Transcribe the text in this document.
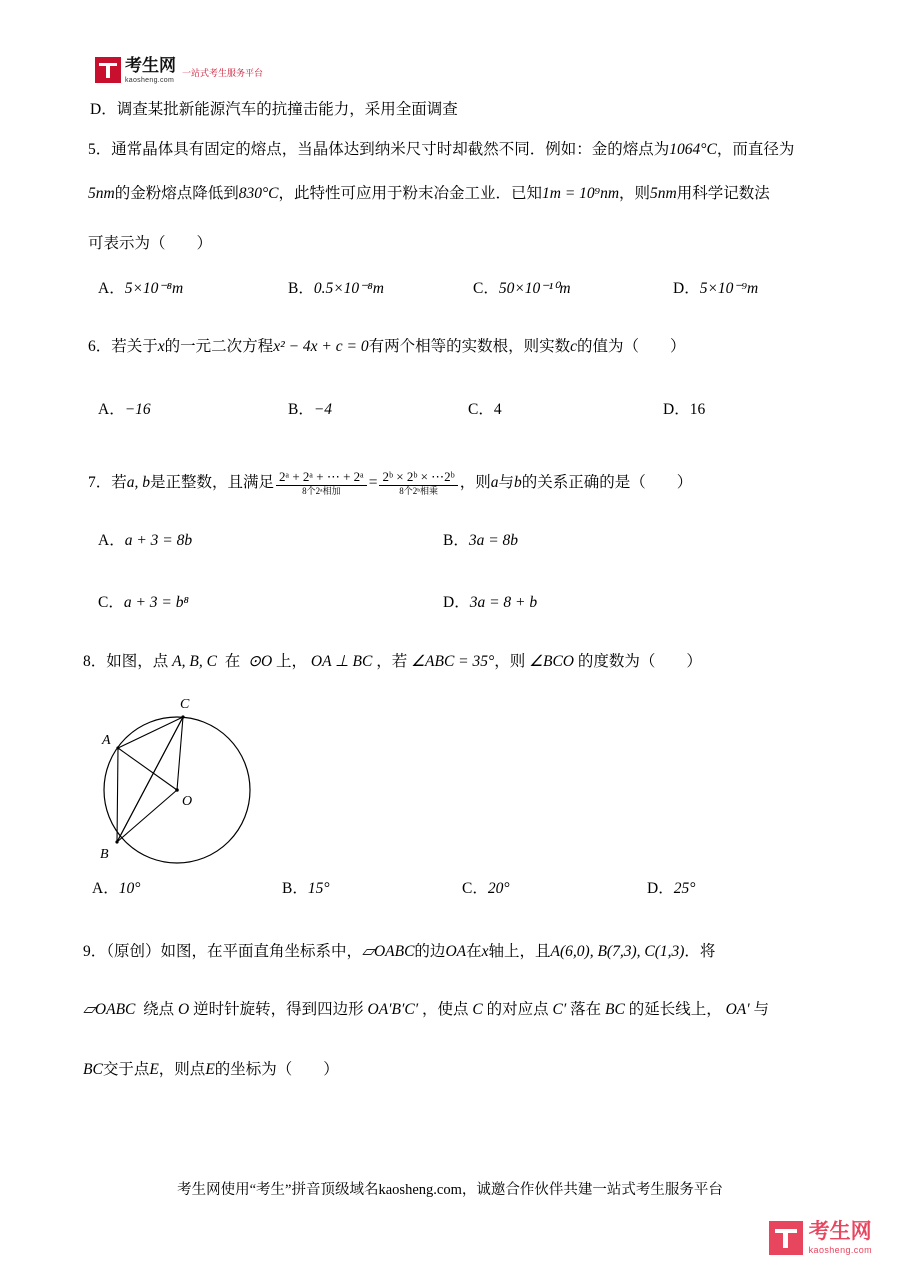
考生网
kaosheng.com
一站式考生服务平台
D．调查某批新能源汽车的抗撞击能力，采用全面调查
5．通常晶体具有固定的熔点，当晶体达到纳米尺寸时却截然不同．例如：金的熔点为1064°C，而直径为
5nm的金粉熔点降低到830°C，此特性可应用于粉末冶金工业．已知1m = 10⁹nm，则5nm用科学记数法
可表示为（　　）
A．5×10⁻⁸m	B．0.5×10⁻⁸m	C．50×10⁻¹⁰m	D．5×10⁻⁹m
6．若关于x的一元二次方程x² − 4x + c = 0有两个相等的实数根，则实数c的值为（　　）
A．−16	B．−4	C．4	D．16
7． 若 a, b 是正整数，且满足 $\frac{\text{2ᵃ + 2ᵃ + ⋯ + 2ᵃ}}{\text{8个2ᵃ相加}} = \frac{\text{2ᵇ × 2ᵇ × ⋯2ᵇ}}{\text{8个2ᵇ相乘}}$ ，则 a 与 b 的关系正确的是（　　）
A．a + 3 = 8b	B．3a = 8b
C．a + 3 = b⁸	D．3a = 8 + b
8．如图，点 A, B, C 在 ⊙O 上， OA ⊥ BC ，若 ∠ABC = 35°，则 ∠BCO 的度数为（　　）
A
C
B
O
A．10°	B．15°	C．20°	D．25°
9．（原创）如图，在平面直角坐标系中，▱OABC的边OA在x轴上，且A(6,0), B(7,3), C(1,3)．将
▱OABC 绕点 O 逆时针旋转，得到四边形 OA′B′C′ ，使点 C 的对应点 C′ 落在 BC 的延长线上， OA′ 与
BC交于点E，则点E的坐标为（　　）
考生网使用“考生”拼音顶级域名kaosheng.com，诚邀合作伙伴共建一站式考生服务平台
考生网
kaosheng.com
